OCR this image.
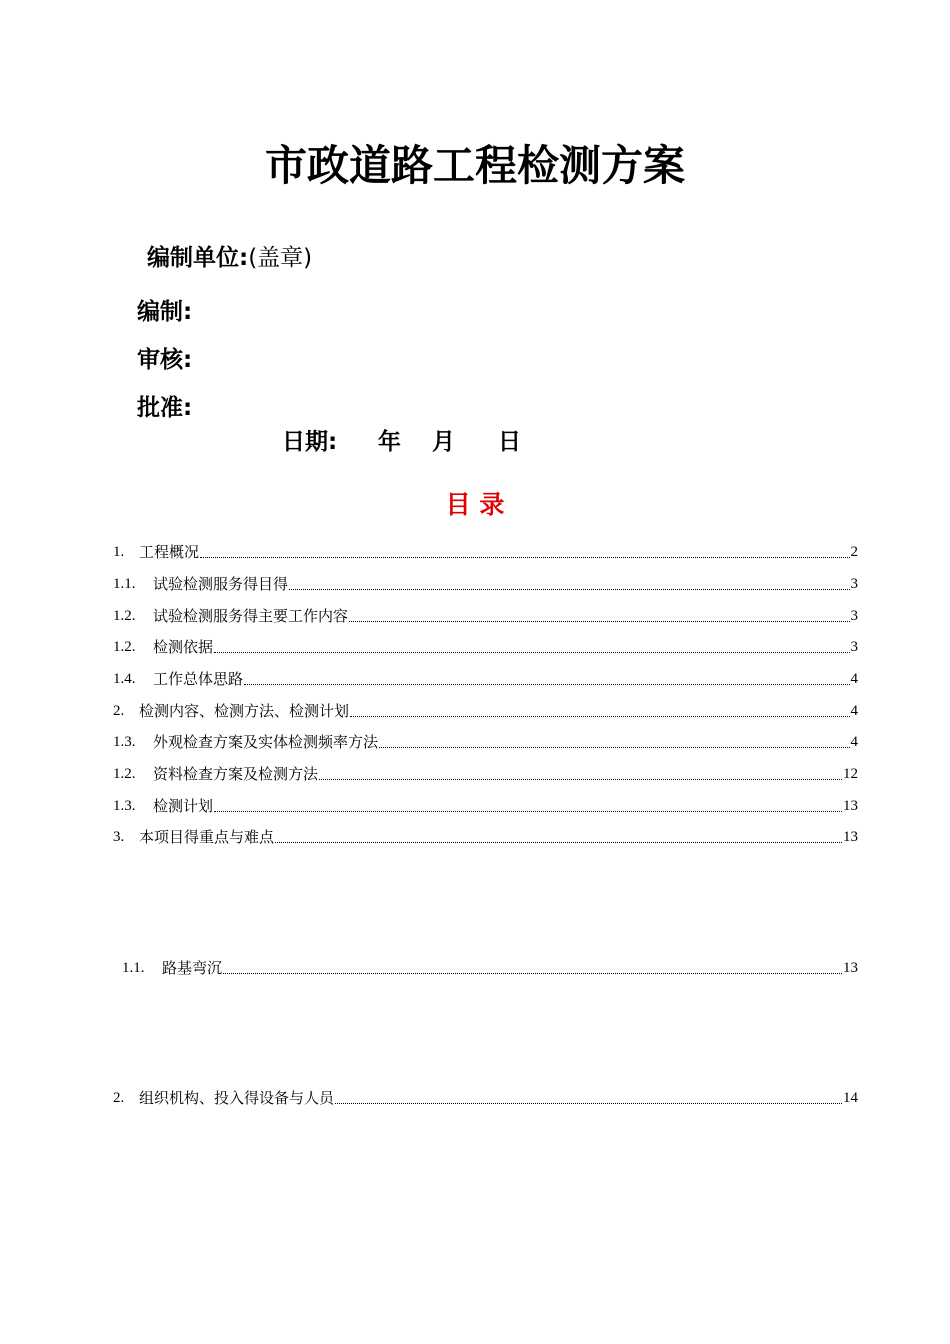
市政道路工程检测方案
编制单位:(盖章)
编制:
审核:
批准:
日期: 年 月 日
目 录
1. 工程概况	2
1.1.	试验检测服务得目得	3
1.2.	试验检测服务得主要工作内容	3
1.2.	检测依据	3
1.4.	工作总体思路	4
2. 检测内容、检测方法、检测计划	4
1.3.	外观检查方案及实体检测频率方法	4
1.2.	资料检查方案及检测方法	12
1.3.	检测计划	13
3. 本项目得重点与难点	13
1.1.	路基弯沉	13
2. 组织机构、投入得设备与人员	14
